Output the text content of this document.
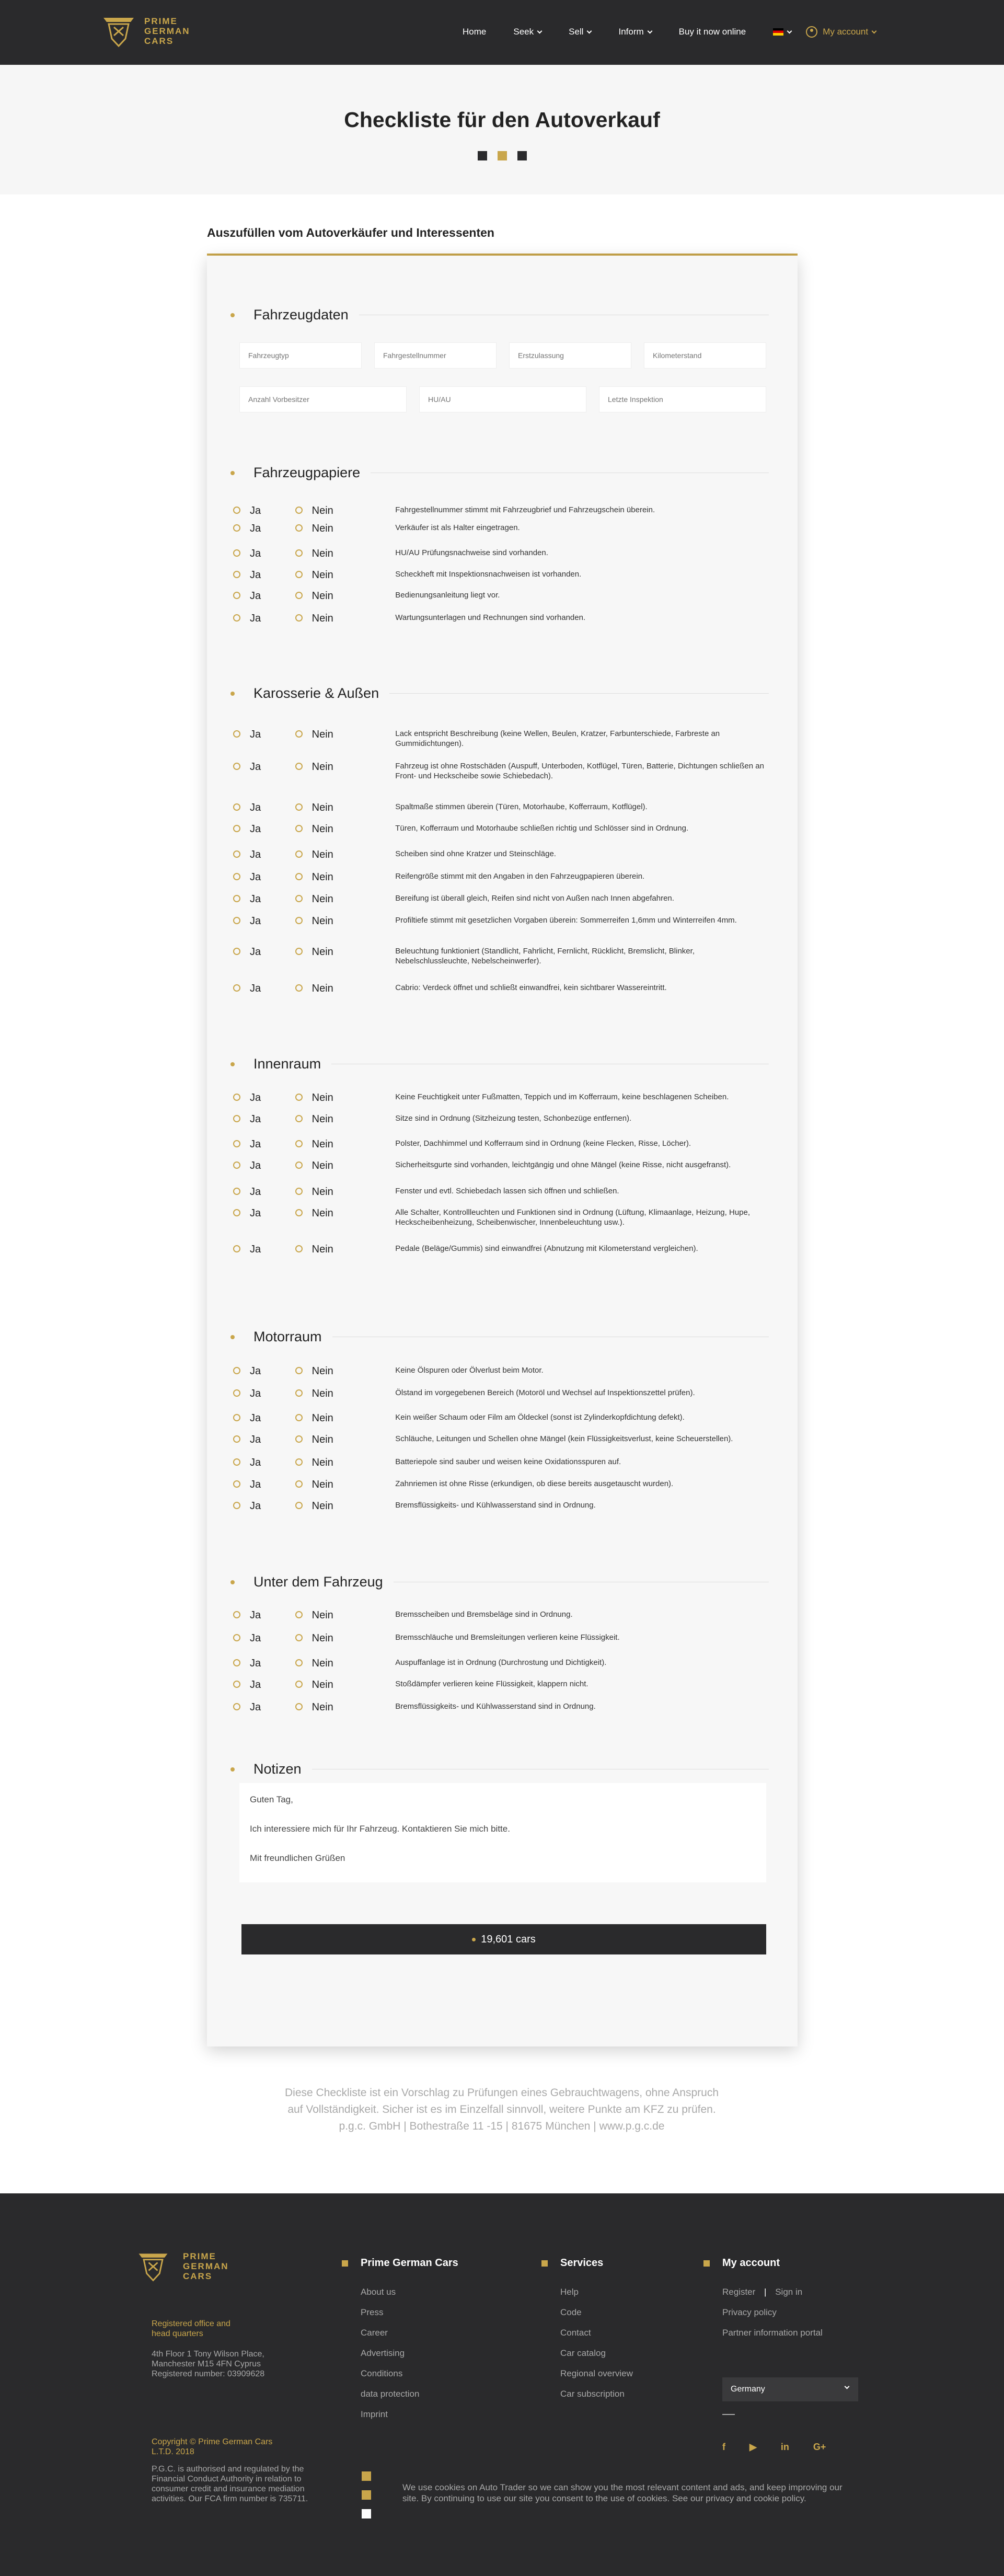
PRIME
GERMAN
CARS
Home	Seek	Sell	Inform	Buy it now online	My account
Checkliste für den Autoverkauf
Auszufüllen vom Autoverkäufer und Interessenten
Fahrzeugdaten
Fahrzeugtyp
Fahrgestellnummer
Erstzulassung
Kilometerstand
Anzahl Vorbesitzer
HU/AU
Letzte Inspektion
Fahrzeugpapiere
Ja	Nein	Fahrgestellnummer stimmt mit Fahrzeugbrief und Fahrzeugschein überein.
Ja	Nein	Verkäufer ist als Halter eingetragen.
Ja	Nein	HU/AU Prüfungsnachweise sind vorhanden.
Ja	Nein	Scheckheft mit Inspektionsnachweisen ist vorhanden.
Ja	Nein	Bedienungsanleitung liegt vor.
Ja	Nein	Wartungsunterlagen und Rechnungen sind vorhanden.
Karosserie & Außen
Ja	Nein	Lack entspricht Beschreibung (keine Wellen, Beulen, Kratzer, Farbunterschiede, Farbreste an Gummidichtungen).
Ja	Nein	Fahrzeug ist ohne Rostschäden (Auspuff, Unterboden, Kotflügel, Türen, Batterie, Dichtungen schließen an Front- und Heckscheibe sowie Schiebedach).
Ja	Nein	Spaltmaße stimmen überein (Türen, Motorhaube, Kofferraum, Kotflügel).
Ja	Nein	Türen, Kofferraum und Motorhaube schließen richtig und Schlösser sind in Ordnung.
Ja	Nein	Scheiben sind ohne Kratzer und Steinschläge.
Ja	Nein	Reifengröße stimmt mit den Angaben in den Fahrzeugpapieren überein.
Ja	Nein	Bereifung ist überall gleich, Reifen sind nicht von Außen nach Innen abgefahren.
Ja	Nein	Profiltiefe stimmt mit gesetzlichen Vorgaben überein: Sommerreifen 1,6mm und Winterreifen 4mm.
Ja	Nein	Beleuchtung funktioniert (Standlicht, Fahrlicht, Fernlicht, Rücklicht, Bremslicht, Blinker, Nebelschlussleuchte, Nebelscheinwerfer).
Ja	Nein	Cabrio: Verdeck öffnet und schließt einwandfrei, kein sichtbarer Wassereintritt.
Innenraum
Ja	Nein	Keine Feuchtigkeit unter Fußmatten, Teppich und im Kofferraum, keine beschlagenen Scheiben.
Ja	Nein	Sitze sind in Ordnung (Sitzheizung testen, Schonbezüge entfernen).
Ja	Nein	Polster, Dachhimmel und Kofferraum sind in Ordnung (keine Flecken, Risse, Löcher).
Ja	Nein	Sicherheitsgurte sind vorhanden, leichtgängig und ohne Mängel (keine Risse, nicht ausgefranst).
Ja	Nein	Fenster und evtl. Schiebedach lassen sich öffnen und schließen.
Ja	Nein	Alle Schalter, Kontrollleuchten und Funktionen sind in Ordnung (Lüftung, Klimaanlage, Heizung, Hupe, Heckscheibenheizung, Scheibenwischer, Innenbeleuchtung usw.).
Ja	Nein	Pedale (Beläge/Gummis) sind einwandfrei (Abnutzung mit Kilometerstand vergleichen).
Motorraum
Ja	Nein	Keine Ölspuren oder Ölverlust beim Motor.
Ja	Nein	Ölstand im vorgegebenen Bereich (Motoröl und Wechsel auf Inspektionszettel prüfen).
Ja	Nein	Kein weißer Schaum oder Film am Öldeckel (sonst ist Zylinderkopfdichtung defekt).
Ja	Nein	Schläuche, Leitungen und Schellen ohne Mängel (kein Flüssigkeitsverlust, keine Scheuerstellen).
Ja	Nein	Batteriepole sind sauber und weisen keine Oxidationsspuren auf.
Ja	Nein	Zahnriemen ist ohne Risse (erkundigen, ob diese bereits ausgetauscht wurden).
Ja	Nein	Bremsflüssigkeits- und Kühlwasserstand sind in Ordnung.
Unter dem Fahrzeug
Ja	Nein	Bremsscheiben und Bremsbeläge sind in Ordnung.
Ja	Nein	Bremsschläuche und Bremsleitungen verlieren keine Flüssigkeit.
Ja	Nein	Auspuffanlage ist in Ordnung (Durchrostung und Dichtigkeit).
Ja	Nein	Stoßdämpfer verlieren keine Flüssigkeit, klappern nicht.
Ja	Nein	Bremsflüssigkeits- und Kühlwasserstand sind in Ordnung.
Notizen

Guten Tag,

Ich interessiere mich für Ihr Fahrzeug. Kontaktieren Sie mich bitte.

Mit freundlichen Grüßen

19,601 cars
Diese Checkliste ist ein Vorschlag zu Prüfungen eines Gebrauchtwagens, ohne Anspruch
auf Vollständigkeit. Sicher ist es im Einzelfall sinnvoll, weitere Punkte am KFZ zu prüfen.
p.g.c. GmbH | Bothestraße 11 -15 | 81675 München | www.p.g.c.de
PRIME
GERMAN
CARS
Registered office and head quarters
4th Floor 1 Tony Wilson Place,
Manchester M15 4FN Cyprus
Registered number: 03909628
Copyright © Prime German Cars
L.T.D. 2018
P.G.C. is authorised and regulated by the Financial Conduct Authority in relation to consumer credit and insurance mediation activities. Our FCA firm number is 735711.
Prime German Cars
About us
Press
Career
Advertising
Conditions
data protection
Imprint
Services
Help
Code
Contact
Car catalog
Regional overview
Car subscription
My account
Register | Sign in
Privacy policy
Partner information portal
Germany
f	▶	in	G+
We use cookies on Auto Trader so we can show you the most relevant content and ads, and keep improving our site. By continuing to use our site you consent to the use of cookies. See our privacy and cookie policy.
